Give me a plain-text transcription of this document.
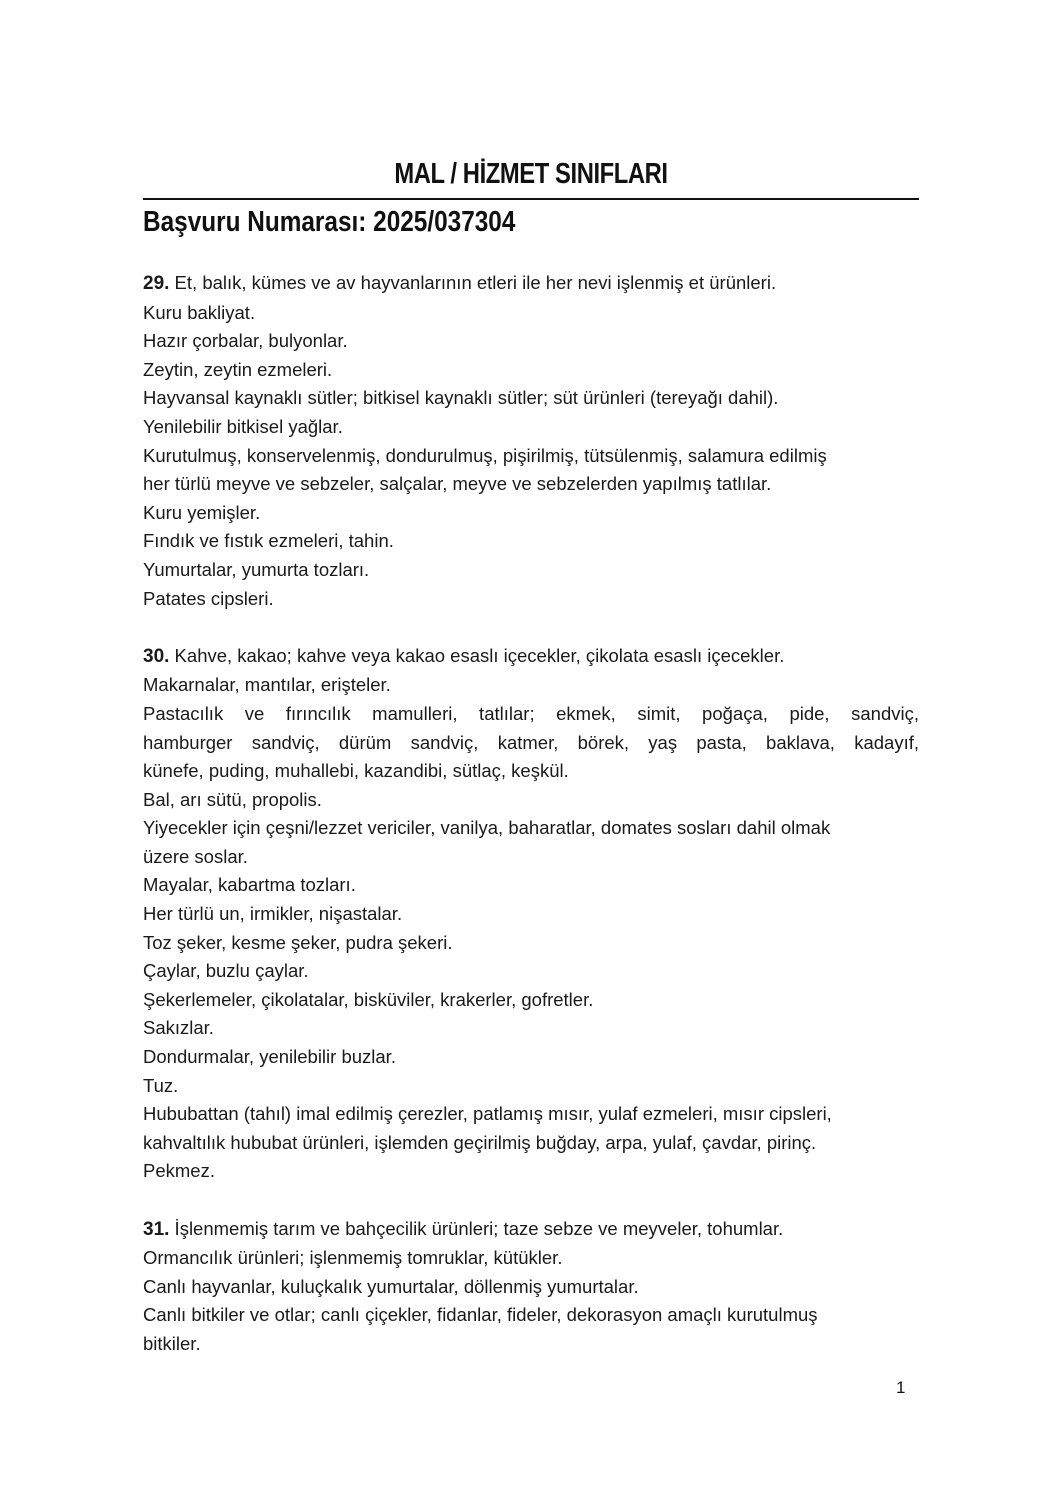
MAL / HİZMET SINIFLARI
Başvuru Numarası: 2025/037304
29. Et, balık, kümes ve av hayvanlarının etleri ile her nevi işlenmiş et ürünleri.
Kuru bakliyat.
Hazır çorbalar, bulyonlar.
Zeytin, zeytin ezmeleri.
Hayvansal kaynaklı sütler; bitkisel kaynaklı sütler; süt ürünleri (tereyağı dahil).
Yenilebilir bitkisel yağlar.
Kurutulmuş, konservelenmiş, dondurulmuş, pişirilmiş, tütsülenmiş, salamura edilmiş
her türlü meyve ve sebzeler, salçalar, meyve ve sebzelerden yapılmış tatlılar.
Kuru yemişler.
Fındık ve fıstık ezmeleri, tahin.
Yumurtalar, yumurta tozları.
Patates cipsleri.
30. Kahve, kakao; kahve veya kakao esaslı içecekler, çikolata esaslı içecekler.
Makarnalar, mantılar, erişteler.
Pastacılık ve fırıncılık mamulleri, tatlılar; ekmek, simit, poğaça, pide, sandviç,
hamburger sandviç, dürüm sandviç, katmer, börek, yaş pasta, baklava, kadayıf,
künefe, puding, muhallebi, kazandibi, sütlaç, keşkül.
Bal, arı sütü, propolis.
Yiyecekler için çeşni/lezzet vericiler, vanilya, baharatlar, domates sosları dahil olmak
üzere soslar.
Mayalar, kabartma tozları.
Her türlü un, irmikler, nişastalar.
Toz şeker, kesme şeker, pudra şekeri.
Çaylar, buzlu çaylar.
Şekerlemeler, çikolatalar, bisküviler, krakerler, gofretler.
Sakızlar.
Dondurmalar, yenilebilir buzlar.
Tuz.
Hububattan (tahıl) imal edilmiş çerezler, patlamış mısır, yulaf ezmeleri, mısır cipsleri,
kahvaltılık hububat ürünleri, işlemden geçirilmiş buğday, arpa, yulaf, çavdar, pirinç.
Pekmez.
31. İşlenmemiş tarım ve bahçecilik ürünleri; taze sebze ve meyveler, tohumlar.
Ormancılık ürünleri; işlenmemiş tomruklar, kütükler.
Canlı hayvanlar, kuluçkalık yumurtalar, döllenmiş yumurtalar.
Canlı bitkiler ve otlar; canlı çiçekler, fidanlar, fideler, dekorasyon amaçlı kurutulmuş
bitkiler.
1
